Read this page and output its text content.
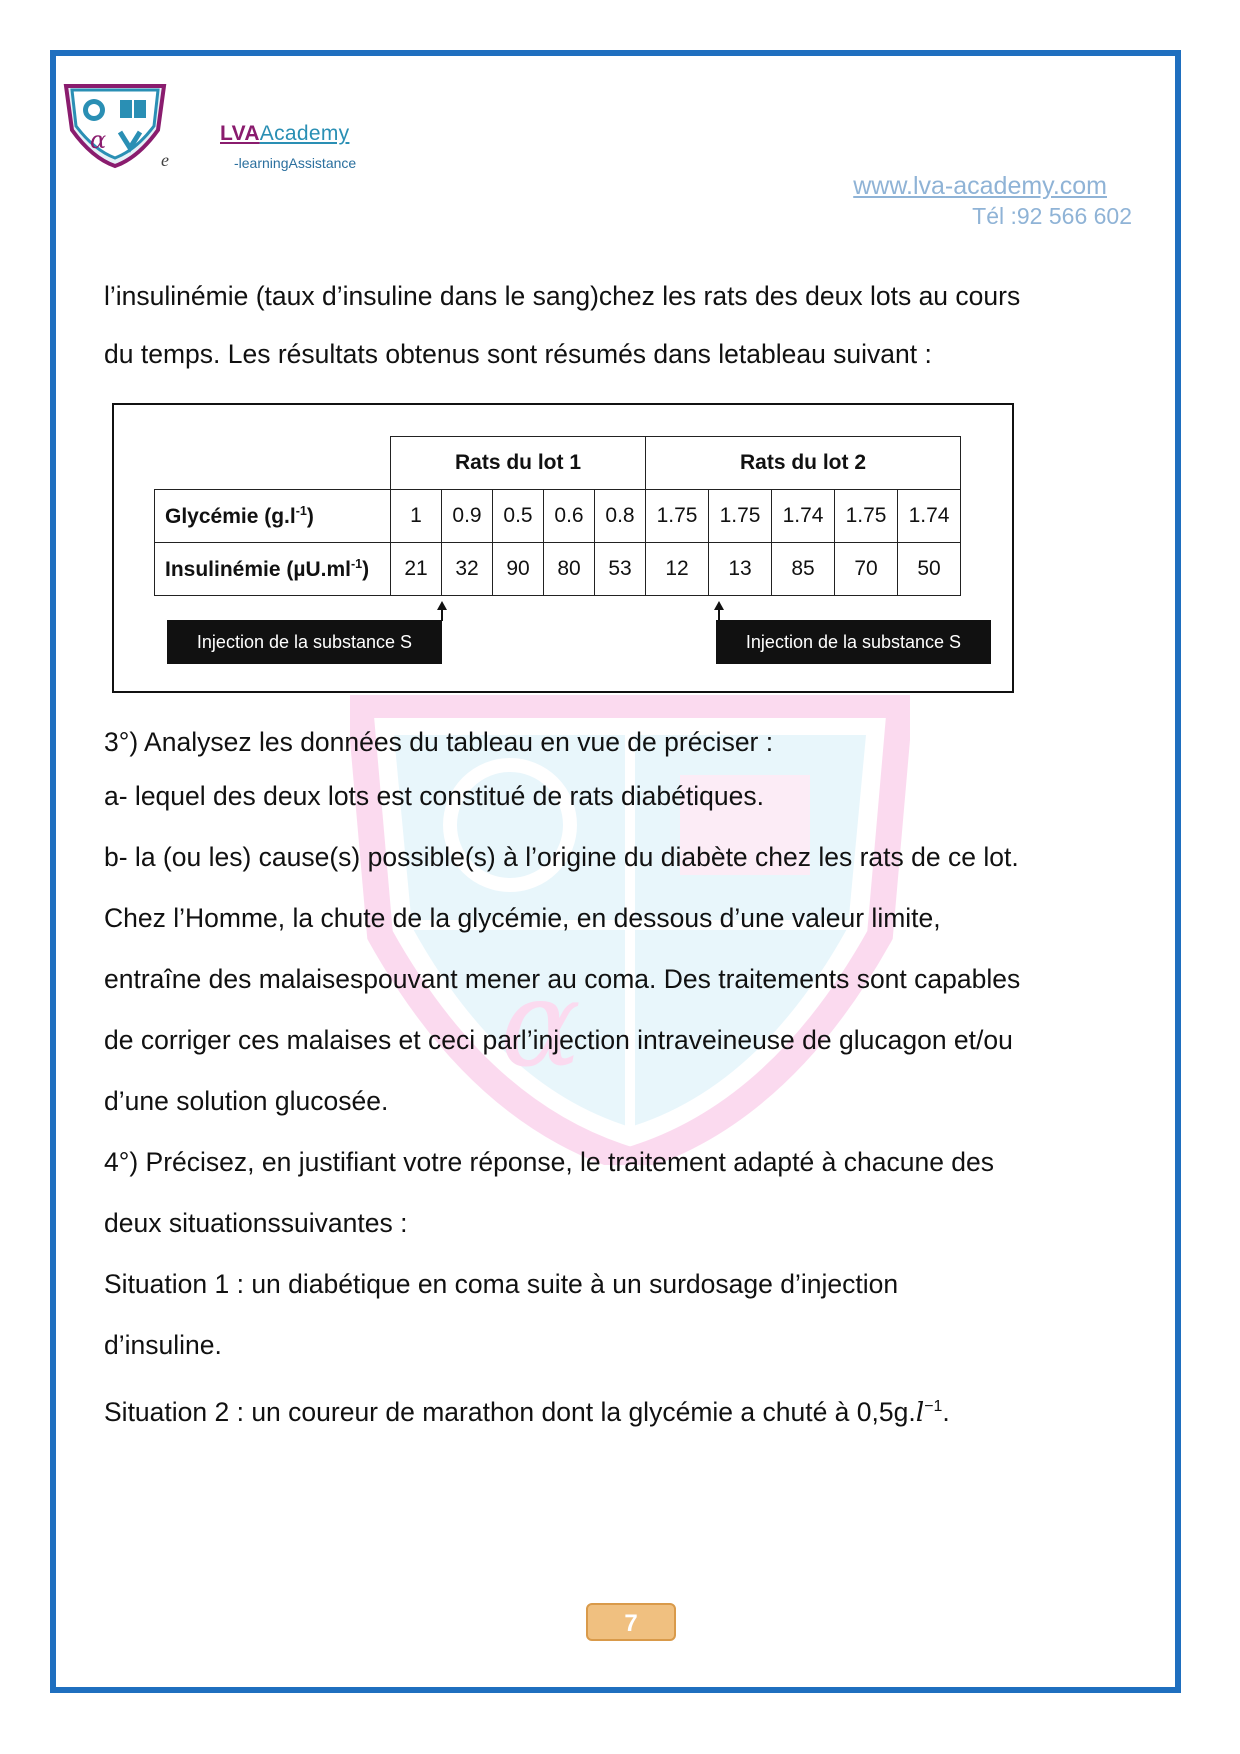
α	LVAAcademy
-learningAssistance
e
www.lva-academy.com
Tél :92 566 602
α
l’insulinémie (taux d’insuline dans le sang)chez les rats des deux lots au cours
du temps. Les résultats obtenus sont résumés dans letableau suivant :
	Rats du lot 1					Rats du lot 2				
Glycémie $(g.l^{-1})$	1	0.9	0.5	0.6	0.8	1.75	1.75	1.74	1.75	1.74
Insulinémie $(\mu U.ml^{-1})$	21	32	90	80	53	12	13	85	70	50
Injection de la substance S	Injection de la substance S
3°) Analysez les données du tableau en vue de préciser :
a- lequel des deux lots est constitué de rats diabétiques.
b- la (ou les) cause(s) possible(s) à l’origine du diabète chez les rats de ce lot.
Chez l’Homme, la chute de la glycémie, en dessous d’une valeur limite,
entraîne des malaisespouvant mener au coma. Des traitements sont capables
de corriger ces malaises et ceci parl’injection intraveineuse de glucagon et/ou
d’une solution glucosée.
4°) Précisez, en justifiant votre réponse, le traitement adapté à chacune des
deux situationssuivantes :
Situation 1 : un diabétique en coma suite à un surdosage d’injection
d’insuline.
Situation 2 : un coureur de marathon dont la glycémie a chuté à $0,5g.l^{-1}$.
7
